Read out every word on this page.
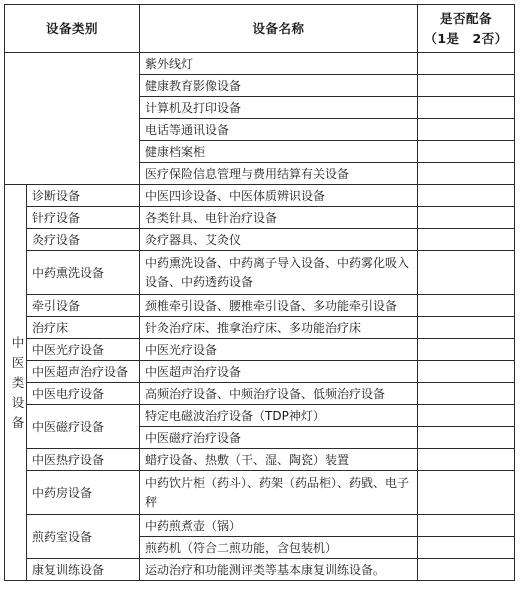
设备类别		设备名称	是否配备
（1是　2否）

		紫外线灯	
		健康教育影像设备	
		计算机及打印设备	
		电话等通讯设备	
		健康档案柜	
		医疗保险信息管理与费用结算有关设备	

中医类设备	诊断设备	中医四诊设备、中医体质辨识设备	
	针疗设备	各类针具、电针治疗设备	
	灸疗设备	灸疗器具、艾灸仪	
	中药熏洗设备	中药熏洗设备、中药离子导入设备、中药雾化吸入设备、中药透药设备	
	牵引设备	颈椎牵引设备、腰椎牵引设备、多功能牵引设备	
	治疗床	针灸治疗床、推拿治疗床、多功能治疗床	
	中医光疗设备	中医光疗设备	
	中医超声治疗设备	中医超声治疗设备	
	中医电疗设备	高频治疗设备、中频治疗设备、低频治疗设备	
	中医磁疗设备	特定电磁波治疗设备（TDP神灯）	
		中医磁疗治疗设备	
	中医热疗设备	蜡疗设备、热敷（干、湿、陶瓷）装置	
	中药房设备	中药饮片柜（药斗）、药架（药品柜）、药戥、电子秤	
	煎药室设备	中药煎煮壶（锅）	
		煎药机（符合二煎功能，含包装机）	
	康复训练设备	运动治疗和功能测评类等基本康复训练设备。	
